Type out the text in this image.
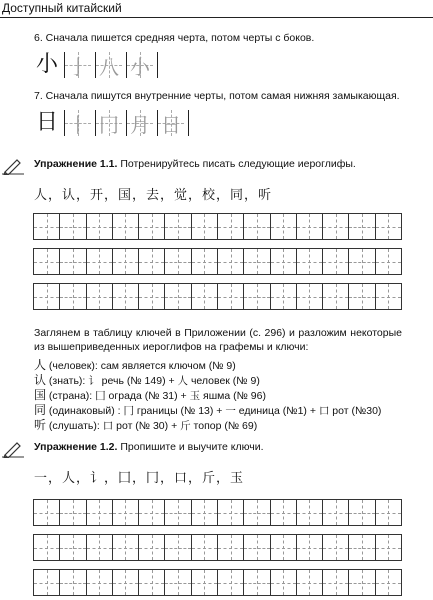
Доступный китайский
6. Сначала пишется средняя черта, потом черты с боков.
小 亅 八 小
7. Сначала пишутся внутренние черты, потом самая нижняя замыкающая.
日 丨 冂 月 日
Упражнение 1.1. Потренируйтесь писать следующие иероглифы.
人，认，开，国，去，觉，校，同，听

Заглянем в таблицу ключей в Приложении (с. 296) и разложим некоторые

из вышеприведенных иероглифов на графемы и ключи:

人 (человек): сам является ключом (№ 9)
认 (знать): 讠 речь (№ 149) + 人 человек (№ 9)
国 (страна): 囗 ограда (№ 31) + 玉 яшма (№ 96)
同 (одинаковый) : 冂 границы (№ 13) + 一 единица (№1) + 口 рот (№30)
听 (слушать): 口 рот (№ 30) + 斤 топор (№ 69)
Упражнение 1.2. Пропишите и выучите ключи.
一，人，讠，囗，冂，口，斤，玉
